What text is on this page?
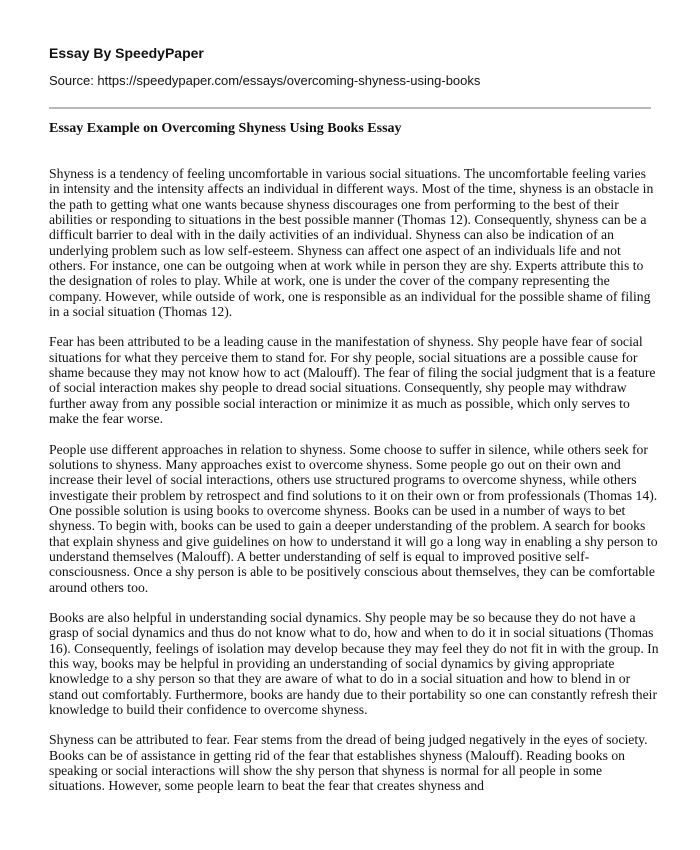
Essay By SpeedyPaper
Source: https://speedypaper.com/essays/overcoming-shyness-using-books
Essay Example on Overcoming Shyness Using Books Essay

Shyness is a tendency of feeling uncomfortable in various social situations. The uncomfortable feeling varies in intensity and the intensity affects an individual in different ways. Most of the time, shyness is an obstacle in the path to getting what one wants because shyness discourages one from performing to the best of their abilities or responding to situations in the best possible manner (Thomas 12). Consequently, shyness can be a difficult barrier to deal with in the daily activities of an individual. Shyness can also be indication of an underlying problem such as low self-esteem. Shyness can affect one aspect of an individuals life and not others. For instance, one can be outgoing when at work while in person they are shy. Experts attribute this to the designation of roles to play. While at work, one is under the cover of the company representing the company. However, while outside of work, one is responsible as an individual for the possible shame of filing in a social situation (Thomas 12).

Fear has been attributed to be a leading cause in the manifestation of shyness. Shy people have fear of social situations for what they perceive them to stand for. For shy people, social situations are a possible cause for shame because they may not know how to act (Malouff). The fear of filing the social judgment that is a feature of social interaction makes shy people to dread social situations. Consequently, shy people may withdraw further away from any possible social interaction or minimize it as much as possible, which only serves to make the fear worse.

People use different approaches in relation to shyness. Some choose to suffer in silence, while others seek for solutions to shyness. Many approaches exist to overcome shyness. Some people go out on their own and increase their level of social interactions, others use structured programs to overcome shyness, while others investigate their problem by retrospect and find solutions to it on their own or from professionals (Thomas 14). One possible solution is using books to overcome shyness. Books can be used in a number of ways to bet shyness. To begin with, books can be used to gain a deeper understanding of the problem. A search for books that explain shyness and give guidelines on how to understand it will go a long way in enabling a shy person to understand themselves (Malouff). A better understanding of self is equal to improved positive self-consciousness. Once a shy person is able to be positively conscious about themselves, they can be comfortable around others too.

Books are also helpful in understanding social dynamics. Shy people may be so because they do not have a grasp of social dynamics and thus do not know what to do, how and when to do it in social situations (Thomas 16). Consequently, feelings of isolation may develop because they may feel they do not fit in with the group. In this way, books may be helpful in providing an understanding of social dynamics by giving appropriate knowledge to a shy person so that they are aware of what to do in a social situation and how to blend in or stand out comfortably. Furthermore, books are handy due to their portability so one can constantly refresh their knowledge to build their confidence to overcome shyness.

Shyness can be attributed to fear. Fear stems from the dread of being judged negatively in the eyes of society. Books can be of assistance in getting rid of the fear that establishes shyness (Malouff). Reading books on speaking or social interactions will show the shy person that shyness is normal for all people in some situations. However, some people learn to beat the fear that creates shyness and
